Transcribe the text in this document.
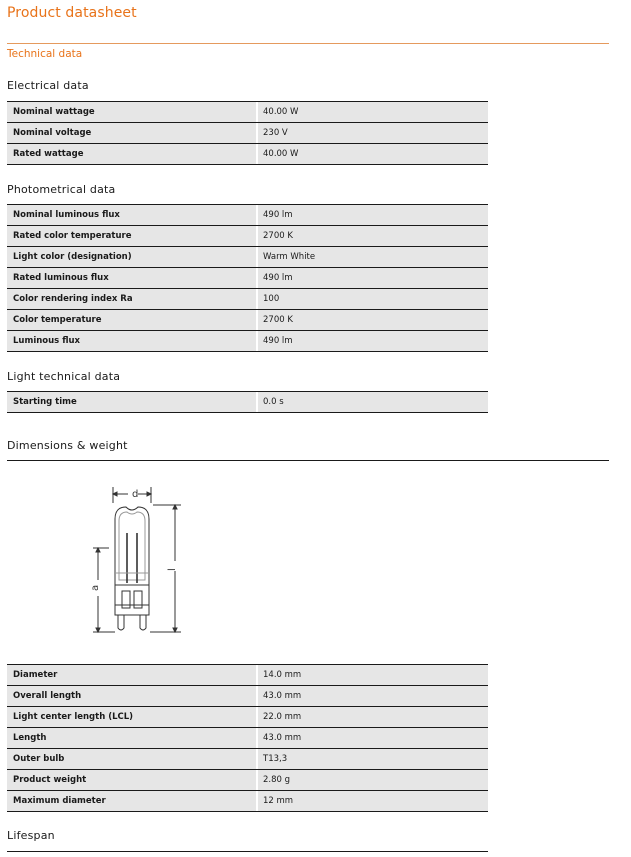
Product datasheet
Technical data
Electrical data
Nominal wattage	40.00 W
Nominal voltage	230 V
Rated wattage	40.00 W
Photometrical data
Nominal luminous flux	490 lm
Rated color temperature	2700 K
Light color (designation)	Warm White
Rated luminous flux	490 lm
Color rendering index Ra	100
Color temperature	2700 K
Luminous flux	490 lm
Light technical data
Starting time	0.0 s
Dimensions & weight
d
a
l
Diameter	14.0 mm
Overall length	43.0 mm
Light center length (LCL)	22.0 mm
Length	43.0 mm
Outer bulb	T13,3
Product weight	2.80 g
Maximum diameter	12 mm
Lifespan
